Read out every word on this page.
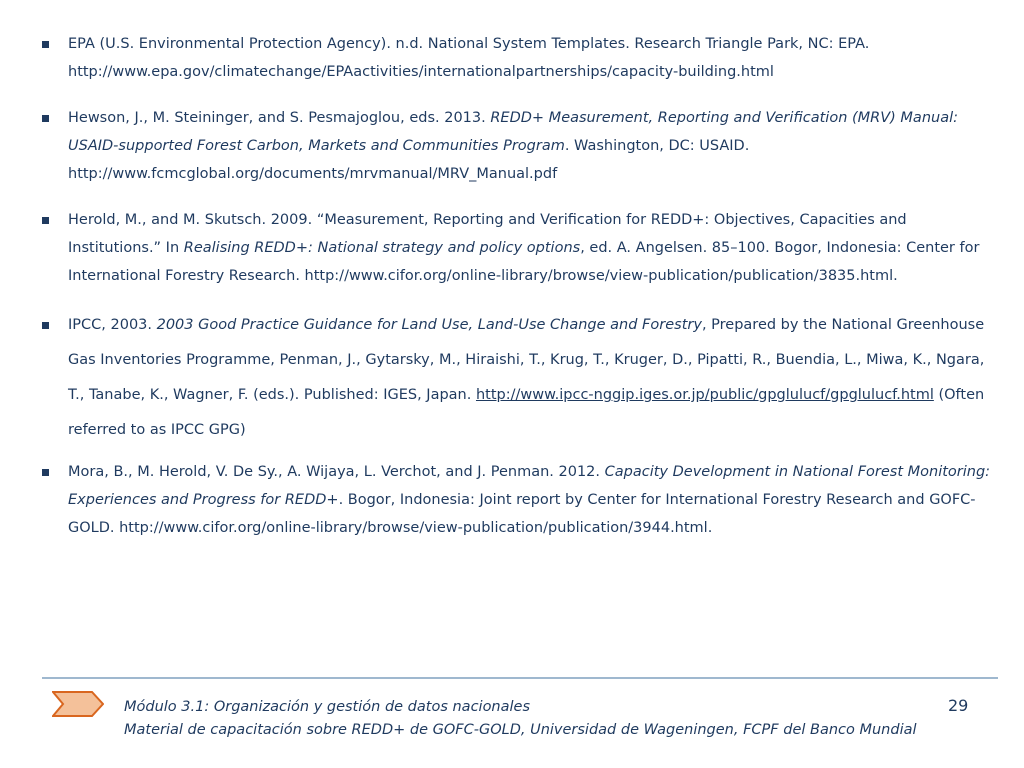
EPA (U.S. Environmental Protection Agency). n.d. National System Templates. Research Triangle Park, NC: EPA.
http://www.epa.gov/climatechange/EPAactivities/internationalpartnerships/capacity-building.html
Hewson, J., M. Steininger, and S. Pesmajoglou, eds. 2013. REDD+ Measurement, Reporting and Verification (MRV) Manual: USAID-supported Forest Carbon, Markets and Communities Program. Washington, DC: USAID. http://www.fcmcglobal.org/documents/mrvmanual/MRV_Manual.pdf
Herold, M., and M. Skutsch. 2009. “Measurement, Reporting and Verification for REDD+: Objectives, Capacities and Institutions.” In Realising REDD+: National strategy and policy options, ed. A. Angelsen. 85–100. Bogor, Indonesia: Center for International Forestry Research. http://www.cifor.org/online-library/browse/view-publication/publication/3835.html.
IPCC, 2003. 2003 Good Practice Guidance for Land Use, Land-Use Change and Forestry, Prepared by the National Greenhouse Gas Inventories Programme, Penman, J., Gytarsky, M., Hiraishi, T., Krug, T., Kruger, D., Pipatti, R., Buendia, L., Miwa, K., Ngara, T., Tanabe, K., Wagner, F. (eds.). Published: IGES, Japan. http://www.ipcc-nggip.iges.or.jp/public/gpglulucf/gpglulucf.html (Often referred to as IPCC GPG)
Mora, B., M. Herold, V. De Sy., A. Wijaya, L. Verchot, and J. Penman. 2012. Capacity Development in National Forest Monitoring: Experiences and Progress for REDD+. Bogor, Indonesia: Joint report by Center for International Forestry Research and GOFC-GOLD. http://www.cifor.org/online-library/browse/view-publication/publication/3944.html.
Módulo 3.1: Organización y gestión de datos nacionales
Material de capacitación sobre REDD+ de GOFC-GOLD, Universidad de Wageningen, FCPF del Banco Mundial
29
